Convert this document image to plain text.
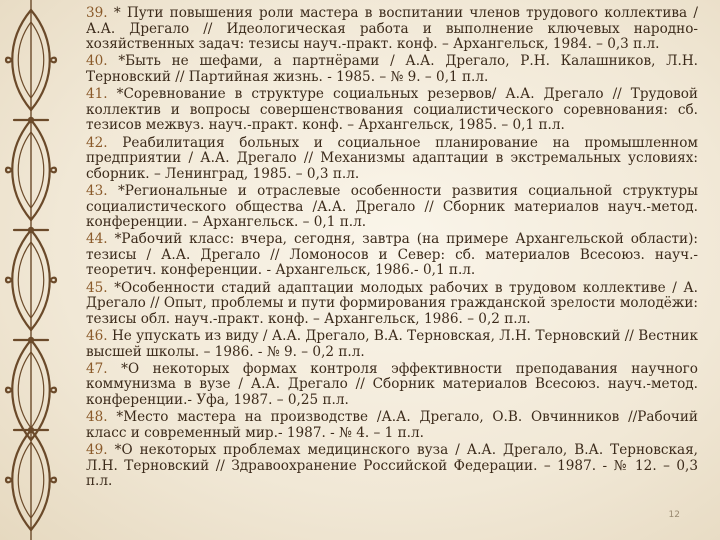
39. * Пути повышения роли мастера в воспитании членов трудового коллектива / А.А. Дрегало // Идеологическая работа и выполнение ключевых народно-хозяйственных задач: тезисы науч.-практ. конф. – Архангельск, 1984. – 0,3 п.л.

40. *Быть не шефами, а партнёрами / А.А. Дрегало, Р.Н. Калашников, Л.Н. Терновский // Партийная жизнь. - 1985. – № 9. – 0,1 п.л.

41. *Соревнование в структуре социальных резервов/ А.А. Дрегало // Трудовой коллектив и вопросы совершенствования социалистического соревнования: сб. тезисов межвуз. науч.-практ. конф. – Архангельск, 1985. – 0,1 п.л.

42. Реабилитация больных и социальное планирование на промышленном предприятии / А.А. Дрегало // Механизмы адаптации в экстремальных условиях: сборник. – Ленинград, 1985. – 0,3 п.л.

43. *Региональные и отраслевые особенности развития социальной структуры социалистического общества /А.А. Дрегало // Сборник материалов науч.-метод. конференции. – Архангельск. – 0,1 п.л.

44. *Рабочий класс: вчера, сегодня, завтра (на примере Архангельской области): тезисы / А.А. Дрегало // Ломоносов и Север: сб. материалов Всесоюз. науч.-теоретич. конференции. - Архангельск, 1986.- 0,1 п.л.

45. *Особенности стадий адаптации молодых рабочих в трудовом коллективе / А. Дрегало // Опыт, проблемы и пути формирования гражданской зрелости молодёжи: тезисы обл. науч.-практ. конф. – Архангельск, 1986. – 0,2 п.л.

46. Не упускать из виду / А.А. Дрегало, В.А. Терновская, Л.Н. Терновский // Вестник высшей школы. – 1986. - № 9. – 0,2 п.л.

47. *О некоторых формах контроля эффективности преподавания научного коммунизма в вузе / А.А. Дрегало // Сборник материалов Всесоюз. науч.-метод. конференции.- Уфа, 1987. – 0,25 п.л.

48. *Место мастера на производстве /А.А. Дрегало, О.В. Овчинников //Рабочий класс и современный мир.- 1987. - № 4. – 1 п.л.

49. *О некоторых проблемах медицинского вуза / А.А. Дрегало, В.А. Терновская, Л.Н. Терновский // Здравоохранение Российской Федерации. – 1987. - № 12. – 0,3 п.л.

12
